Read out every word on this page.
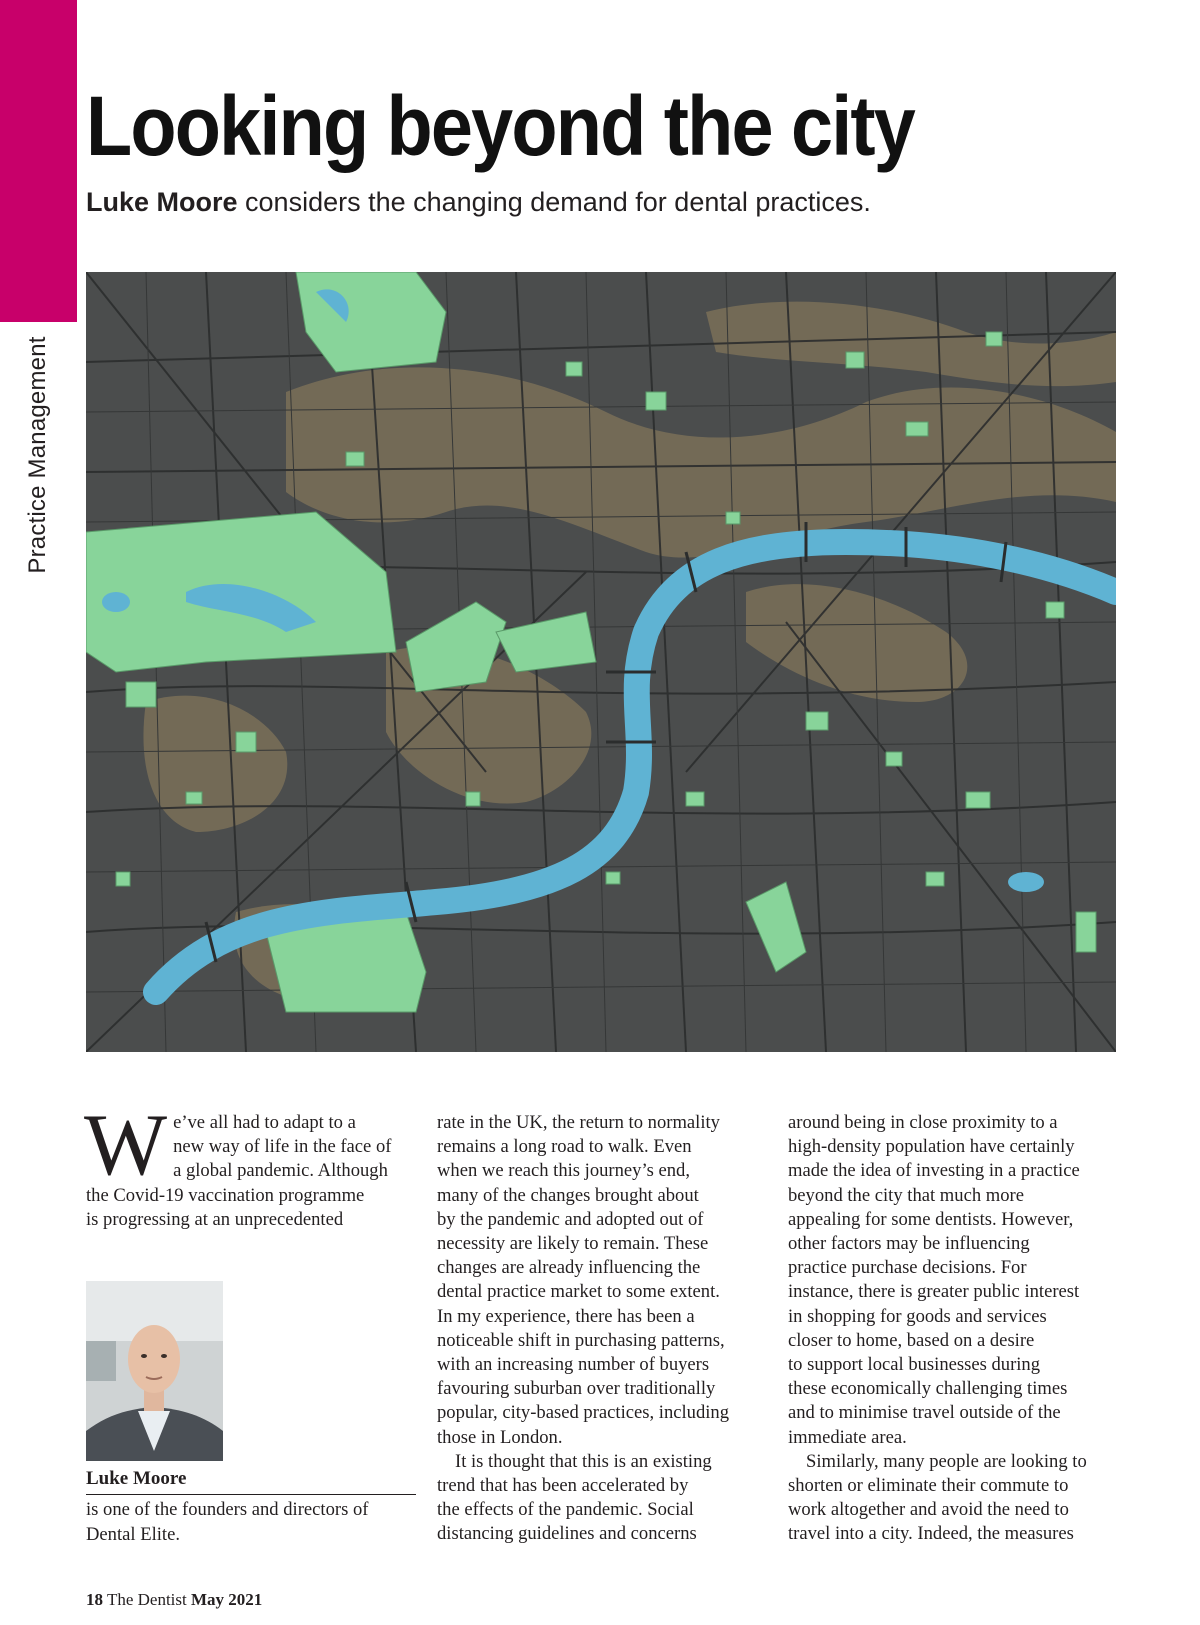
Practice Management
Looking beyond the city

Luke Moore considers the changing demand for dental practices.

W e’ve all had to adapt to a

new way of life in the face of

a global pandemic. Although

the Covid-19 vaccination programme

is progressing at an unprecedented

Luke Moore

is one of the founders and directors of

Dental Elite.

rate in the UK, the return to normality

remains a long road to walk. Even

when we reach this journey’s end,

many of the changes brought about

by the pandemic and adopted out of

necessity are likely to remain. These

changes are already influencing the

dental practice market to some extent.

In my experience, there has been a

noticeable shift in purchasing patterns,

with an increasing number of buyers

favouring suburban over traditionally

popular, city-based practices, including

those in London.

It is thought that this is an existing

trend that has been accelerated by

the effects of the pandemic. Social

distancing guidelines and concerns

around being in close proximity to a

high-density population have certainly

made the idea of investing in a practice

beyond the city that much more

appealing for some dentists. However,

other factors may be influencing

practice purchase decisions. For

instance, there is greater public interest

in shopping for goods and services

closer to home, based on a desire

to support local businesses during

these economically challenging times

and to minimise travel outside of the

immediate area.

Similarly, many people are looking to

shorten or eliminate their commute to

work altogether and avoid the need to

travel into a city. Indeed, the measures

18 The Dentist May 2021
